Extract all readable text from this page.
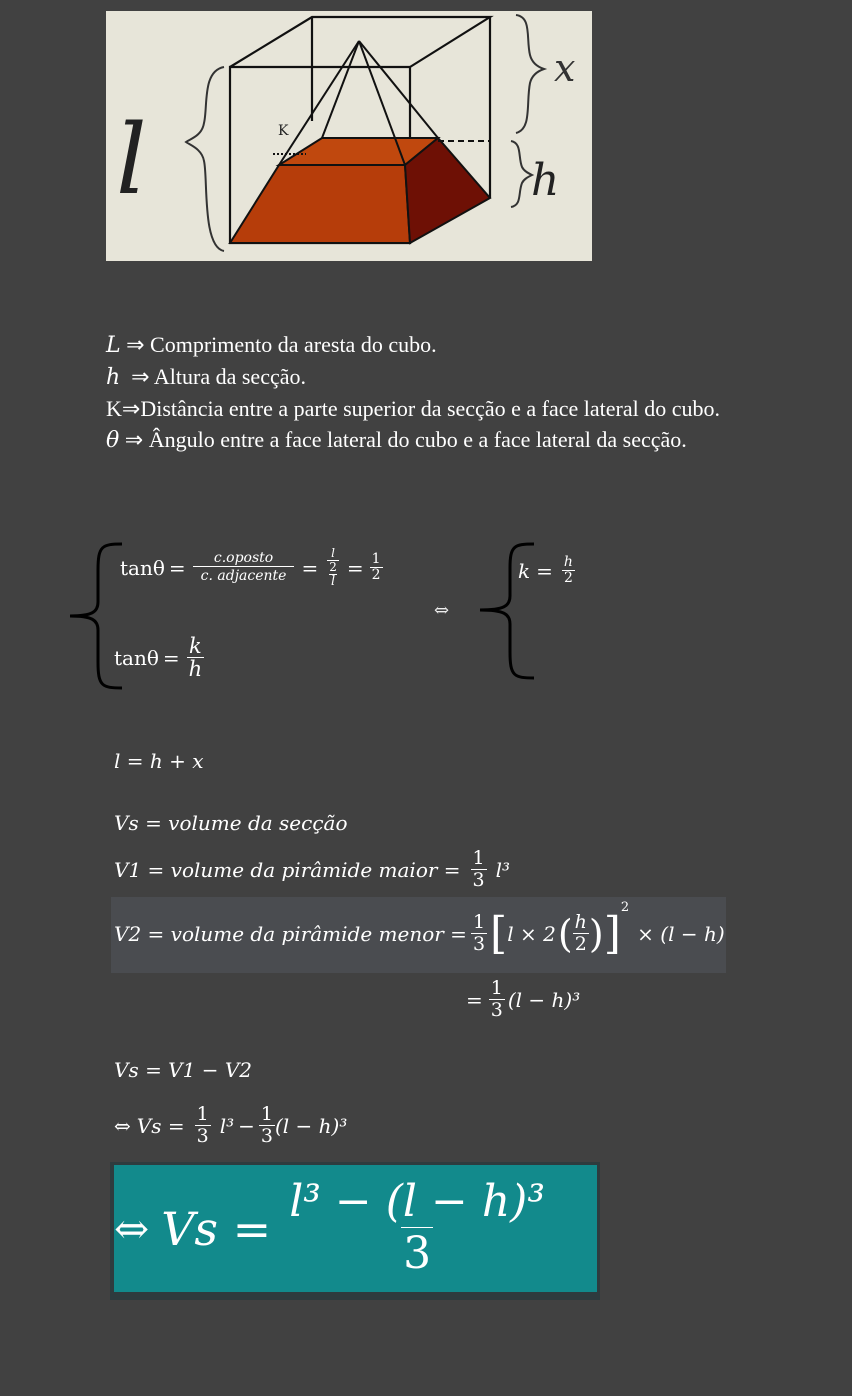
l
x
h
K
L ⇒ Comprimento da aresta do cubo.
h ⇒ Altura da secção.
K⇒Distância entre a parte superior da secção e a face lateral do cubo.
θ ⇒ Ângulo entre a face lateral do cubo e a face lateral da secção.
$\tan\theta = \frac{\text{c.oposto}}{\text{c. adjacente}} = \frac{\frac{l}{2}}{l} = \frac{1}{2}$
$\tan\theta = \frac{k}{h}$
⇔
$k = \frac{h}{2}$
l = h + x
Vs = volume da secção
V1 = volume da pirâmide maior = $\frac{1}{3} l^3$
V2 = volume da pirâmide menor = $\frac{1}{3}$ [ l × 2 ( $\frac{h}{2}$ ) ]
2
× (l − h)
= $\frac{1}{3} (l - h)^3$
Vs = V1 − V2
⇔ $Vs = \frac{1}{3} l^3 - \frac{1}{3} (l - h)^3$
⇔ $Vs = \frac{\text{l³ − (l − h)³}}{3}$
